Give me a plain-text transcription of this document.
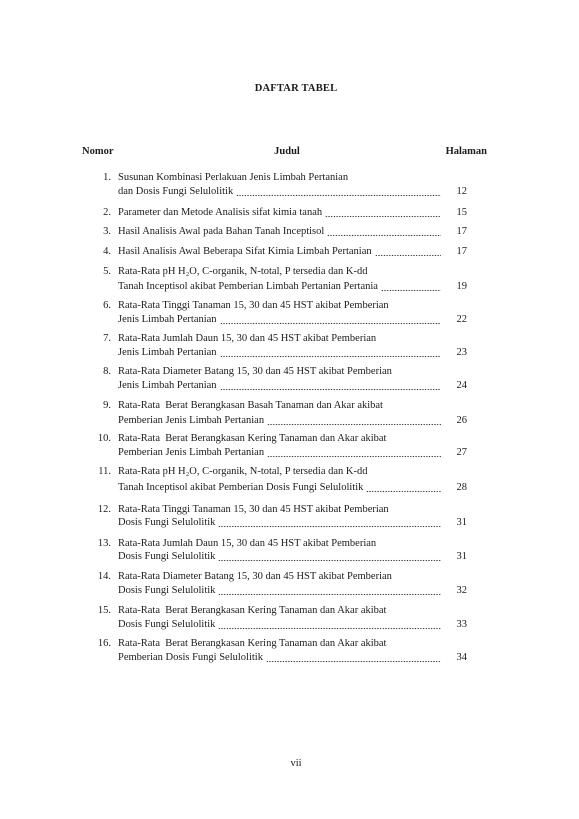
DAFTAR TABEL
Nomor	Judul	Halaman
1. Susunan Kombinasi Perlakuan Jenis Limbah Pertanian
dan Dosis Fungi Selulolitik	12
2. Parameter dan Metode Analisis sifat kimia tanah	15
3. Hasil Analisis Awal pada Bahan Tanah Inceptisol	17
4. Hasil Analisis Awal Beberapa Sifat Kimia Limbah Pertanian	17
5. Rata-Rata pH H₂O, C-organik, N-total, P tersedia dan K-dd
Tanah Inceptisol akibat Pemberian Limbah Pertanian Pertania	19
6. Rata-Rata Tinggi Tanaman 15, 30 dan 45 HST akibat Pemberian
Jenis Limbah Pertanian	22
7. Rata-Rata Jumlah Daun 15, 30 dan 45 HST akibat Pemberian
Jenis Limbah Pertanian	23
8. Rata-Rata Diameter Batang 15, 30 dan 45 HST akibat Pemberian
Jenis Limbah Pertanian	24
9. Rata-Rata  Berat Berangkasan Basah Tanaman dan Akar akibat
Pemberian Jenis Limbah Pertanian	26
10. Rata-Rata  Berat Berangkasan Kering Tanaman dan Akar akibat
Pemberian Jenis Limbah Pertanian	27
11. Rata-Rata pH H₂O, C-organik, N-total, P tersedia dan K-dd
Tanah Inceptisol akibat Pemberian Dosis Fungi Selulolitik	28
12. Rata-Rata Tinggi Tanaman 15, 30 dan 45 HST akibat Pemberian
Dosis Fungi Selulolitik	31
13. Rata-Rata Jumlah Daun 15, 30 dan 45 HST akibat Pemberian
Dosis Fungi Selulolitik	31
14. Rata-Rata Diameter Batang 15, 30 dan 45 HST akibat Pemberian
Dosis Fungi Selulolitik	32
15. Rata-Rata  Berat Berangkasan Kering Tanaman dan Akar akibat
Dosis Fungi Selulolitik	33
16. Rata-Rata  Berat Berangkasan Kering Tanaman dan Akar akibat
Pemberian Dosis Fungi Selulolitik	34
vii
